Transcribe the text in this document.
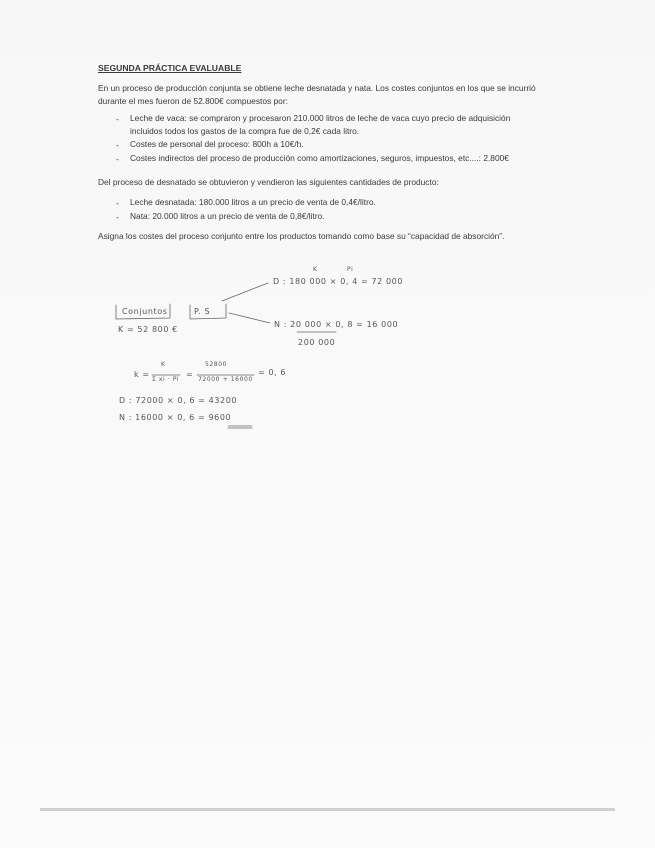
SEGUNDA PRÁCTICA EVALUABLE
En un proceso de producción conjunta se obtiene leche desnatada y nata. Los costes conjuntos en los que se incurrió
durante el mes fueron de 52.800€ compuestos por:
-	Leche de vaca: se compraron y procesaron 210.000 litros de leche de vaca cuyo precio de adquisición
incluidos todos los gastos de la compra fue de 0,2€ cada litro.
-	Costes de personal del proceso: 800h a 10€/h.
-	Costes indirectos del proceso de producción como amortizaciones, seguros, impuestos, etc....: 2.800€
Del proceso de desnatado se obtuvieron y vendieron las siguientes cantidades de producto:
-	Leche desnatada: 180.000 litros a un precio de venta de 0,4€/litro.
-	Nata: 20.000 litros a un precio de venta de 0,8€/litro.
Asigna los costes del proceso conjunto entre los productos tomando como base su “capacidad de absorción”.
K	Pi
D : 180 000 × 0, 4 = 72 000
Conjuntos
K = 52 800 €
P. S
N : 20 000 × 0, 8 = 16 000
200 000
k =
K
Σ xi · Pi
=
52800
72000 + 16000
= 0, 6
D : 72000 × 0, 6 = 43200
N : 16000 × 0, 6 = 9600
